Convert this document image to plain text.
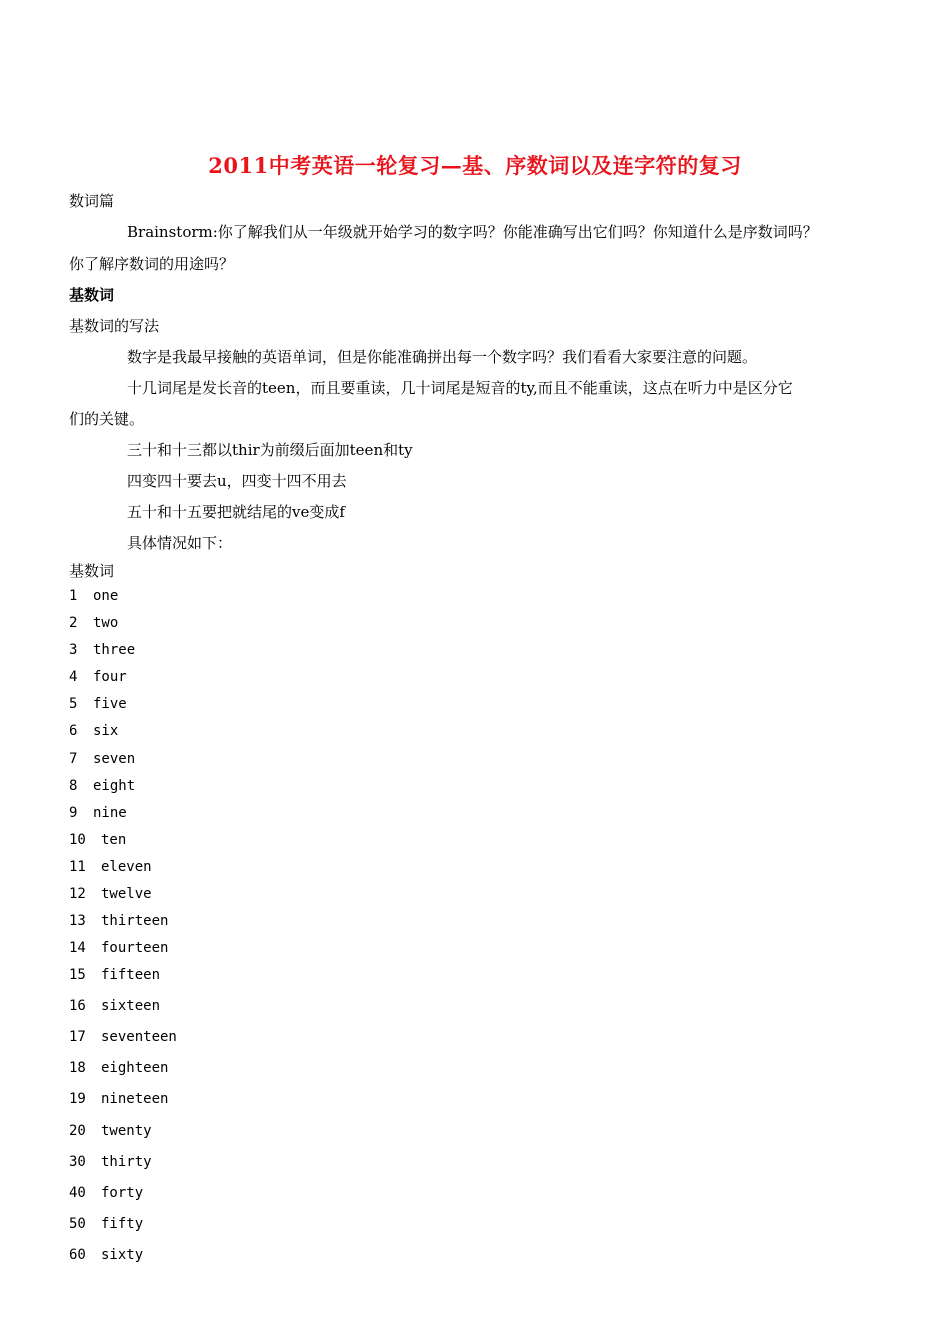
2011中考英语一轮复习—基、序数词以及连字符的复习
数词篇
Brainstorm:你了解我们从一年级就开始学习的数字吗？你能准确写出它们吗？你知道什么是序数词吗？
你了解序数词的用途吗？
基数词
基数词的写法
数字是我最早接触的英语单词，但是你能准确拼出每一个数字吗？我们看看大家要注意的问题。
十几词尾是发长音的teen，而且要重读，几十词尾是短音的ty,而且不能重读，这点在听力中是区分它
们的关键。
三十和十三都以thir为前缀后面加teen和ty
四变四十要去u，四变十四不用去
五十和十五要把就结尾的ve变成f
具体情况如下：
基数词
1 one
2 two
3 three
4 four
5 five
6 six
7 seven
8 eight
9 nine
10 ten
11 eleven
12 twelve
13 thirteen
14 fourteen
15 fifteen
16 sixteen
17 seventeen
18 eighteen
19 nineteen
20 twenty
30 thirty
40 forty
50 fifty
60 sixty
